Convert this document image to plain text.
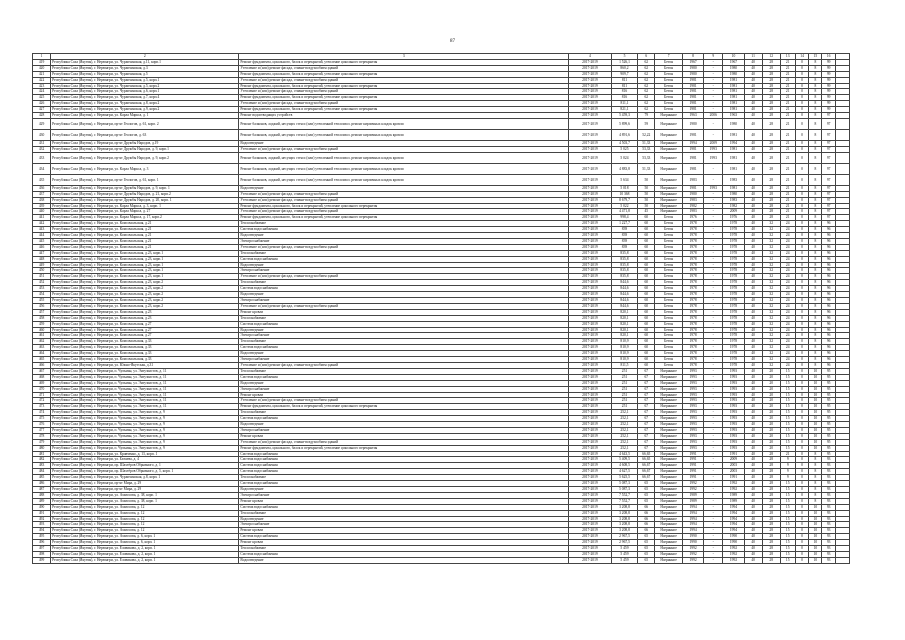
87
1	2	3	4	5	6	7	8	9	10	11	12	13	14	15	16	
419	Республика Саха (Якутия), г. Нерюнгри, ул. Чурапчинская, д.11, корп.1	Ремонт фундамента, цокольного, балок и перекрытий, утепление цокольного перекрытия	2017-2019	1 526,1	62	Бетон	1967	-	1967	40	28	21	0	8	99	
420	Республика Саха (Якутия), г. Нерюнгри, ул. Чурапчинская, д.3	Утепление и (или) ремонт фасада, ставни-воздухообмен зданий	2017-2019	860,2	62	Бетон	1980	-	1980	40	28	21	0	8	99	
421	Республика Саха (Якутия), г. Нерюнгри, ул. Чурапчинская, д.5	Ремонт фундамента, цокольного, балок и перекрытий, утепление цокольного перекрытия	2017-2019	909,7	62	Бетон	1980	-	1980	40	28	21	0	8	99	
422	Республика Саха (Якутия), г. Нерюнгри, ул. Чурапчинская, д.5, корп.1	Утепление и (или) ремонт фасада, ставни-воздухообмен зданий	2017-2019	811	62	Бетон	1981	-	1981	40	28	21	0	8	99	
423	Республика Саха (Якутия), г. Нерюнгри, ул. Чурапчинская, д.5, корп.2	Ремонт фундамента, цокольного, балок и перекрытий, утепление цокольного перекрытия	2017-2019	811	62	Бетон	1981	-	1981	40	28	21	0	8	99	
424	Республика Саха (Якутия), г. Нерюнгри, ул. Чурапчинская, д.6, корп.1	Утепление и (или) ремонт фасада, ставни-воздухообмен зданий	2017-2019	816	62	Бетон	1981	-	1981	40	28	21	0	8	99	
425	Республика Саха (Якутия), г. Нерюнгри, ул. Чурапчинская, д.7, корп.4	Ремонт фундамента, цокольного, балок и перекрытий, утепление цокольного перекрытия	2017-2019	816	62	Бетон	1981	-	1981	40	28	21	0	8	99	
426	Республика Саха (Якутия), г. Нерюнгри, ул. Чурапчинская, д.8, корп.2	Утепление и (или) ремонт фасада, ставни-воздухообмен зданий	2017-2019	811,1	62	Бетон	1981	-	1981	40	28	21	0	8	99	
427	Республика Саха (Якутия), г. Нерюнгри, ул. Чурапчинская, д.9, корп.2	Ремонт фундамента, цокольного, балок и перекрытий, утепление цокольного перекрытия	2017-2019	821,1	62	Бетон	1981	-	1981	40	28	21	0	8	99	
428	Республика Саха (Якутия), г. Нерюнгри, ул. Карла Маркса, д. 1	Ремонт водоотводящих устройств	2017-2019	5 459,3	79	Нагрянное	1963	2006	1963	40	28	21	0	8	97	
429	Республика Саха (Якутия), г. Нерюнгри, пр-кт Геологов, д. 61, корп. 2	Ремонт балконов, лоджий, несущих стен и (или) утепленной теплоизол. ремонт кирпичных кладок кровли	2017-2019	5 899,6	59	Нагрянное	1980	-	1980	40	28	21	0	8	97	
430	Республика Саха (Якутия), г. Нерюнгри, пр-кт Геологов, д. 63	Ремонт балконов, лоджий, несущих стен и (или) утепленной теплоизол. ремонт кирпичных кладок кровли	2017-2019	4 891,6	52,22	Нагрянное	1981	-	1981	40	28	21	0	8	97	
431	Республика Саха (Якутия), г. Нерюнгри, пр-кт Дружбы Народов, д.19	Водоотведение	2017-2019	4 503,7	51,33	Нагрянное	1994	2009	1994	40	28	21	0	8	97	
432	Республика Саха (Якутия), г. Нерюнгри, пр-кт Дружбы Народов, д. 9, корп.1	Утепление и (или) ремонт фасада, ставни-воздухообмен зданий	2017-2019	5 025	53,33	Нагрянное	1981	1993	1981	40	28	21	0	8	97	
433	Республика Саха (Якутия), г. Нерюнгри, пр-кт Дружбы Народов, д. 9, корп.2	Ремонт балконов, лоджий, несущих стен и (или) утепленной теплоизол. ремонт кирпичных кладок кровли	2017-2019	5 024	53,33	Нагрянное	1981	1993	1981	40	28	21	0	8	97	
434	Республика Саха (Якутия), г. Нерюнгри, ул. Карла Маркса, д. 3	Ремонт балконов, лоджий, несущих стен и (или) утепленной теплоизол. ремонт кирпичных кладок кровли	2017-2019	4 883,8	51,33	Нагрянное	1981	-	1981	40	28	21	0	8	97	
435	Республика Саха (Якутия), г. Нерюнгри, пр-кт Геологов, д. 61, корп. 1	Ремонт балконов, лоджий, несущих стен и (или) утепленной теплоизол. ремонт кирпичных кладок кровли	2017-2019	5 634	50	Нагрянное	1983	-	1983	40	28	21	0	8	97	
436	Республика Саха (Якутия), г. Нерюнгри, пр-кт Дружбы Народов, д. 9, корп. 1	Водоотведение	2017-2019	5 018	50	Нагрянное	1981	1993	1981	40	28	21	0	8	97	
437	Республика Саха (Якутия), г. Нерюнгри, пр-кт Дружбы Народов, д. 21, корп.2	Утепление и (или) ремонт фасада, ставни-воздухообмен зданий	2017-2019	10 368	50	Нагрянное	1980	-	1980	40	28	21	0	8	97	
438	Республика Саха (Якутия), г. Нерюнгри, пр-кт Дружбы Народов, д. 20, корп. 1	Утепление и (или) ремонт фасада, ставни-воздухообмен зданий	2017-2019	8 679,7	50	Нагрянное	1983	-	1983	40	28	21	0	8	97	
439	Республика Саха (Якутия), г. Нерюнгри, ул. Карла Маркса, д. 3, корп. 1	Ремонт фундамента, цокольного, балок и перекрытий, утепление цокольного перекрытия	2017-2019	5 022	50	Нагрянное	1982	-	1982	40	28	21	0	8	97	
440	Республика Саха (Якутия), г. Нерюнгри, ул. Карла Маркса, д. 27	Утепление и (или) ремонт фасада, ставни-воздухообмен зданий	2017-2019	4 471,8	45	Нагрянное	1983	-	2009	40	28	21	0	8	97	
441	Республика Саха (Якутия), г. Нерюнгри, ул. Карла Маркса, д. 17, корп.2	Ремонт фундамента, цокольного, балок и перекрытий, утепление цокольного перекрытия	2017-2019	998,4	60	Бетон	1976	-	1976	40	28	21	0	8	97	
442	Республика Саха (Якутия), г. Нерюнгри, ул. Комсомольская, д.21	Теплоснабжение	2017-2019	1 227,7	60	Бетон	1978	-	1978	40	32	24	0	8	96	
443	Республика Саха (Якутия), г. Нерюнгри, ул. Комсомольская, д.21	Система водоснабжения	2017-2019	839	60	Бетон	1978	-	1978	40	32	24	0	8	96	
444	Республика Саха (Якутия), г. Нерюнгри, ул. Комсомольская, д.21	Водоотведение	2017-2019	839	60	Бетон	1978	-	1978	40	32	24	0	8	96	
445	Республика Саха (Якутия), г. Нерюнгри, ул. Комсомольская, д.21	Электроснабжение	2017-2019	839	60	Бетон	1978	-	1978	40	32	24	0	8	96	
446	Республика Саха (Якутия), г. Нерюнгри, ул. Комсомольская, д.21	Утепление и (или) ремонт фасада, ставни-воздухообмен зданий	2017-2019	839	60	Бетон	1978	-	1978	40	32	24	0	8	96	
447	Республика Саха (Якутия), г. Нерюнгри, ул. Комсомольская, д.23, корп.1	Теплоснабжение	2017-2019	835,8	60	Бетон	1978	-	1978	40	32	24	0	8	96	
448	Республика Саха (Якутия), г. Нерюнгри, ул. Комсомольская, д.23, корп.1	Система водоснабжения	2017-2019	835,8	60	Бетон	1978	-	1978	40	32	24	0	8	96	
449	Республика Саха (Якутия), г. Нерюнгри, ул. Комсомольская, д.23, корп.1	Водоотведение	2017-2019	835,8	60	Бетон	1978	-	1978	40	32	24	0	8	96	
450	Республика Саха (Якутия), г. Нерюнгри, ул. Комсомольская, д.23, корп.1	Электроснабжение	2017-2019	835,8	60	Бетон	1978	-	1978	40	32	24	0	8	96	
451	Республика Саха (Якутия), г. Нерюнгри, ул. Комсомольская, д.23, корп.1	Утепление и (или) ремонт фасада, ставни-воздухообмен зданий	2017-2019	835,8	60	Бетон	1978	-	1978	40	32	24	0	8	96	
452	Республика Саха (Якутия), г. Нерюнгри, ул. Комсомольская, д.23, корп.2	Теплоснабжение	2017-2019	844,6	60	Бетон	1978	-	1978	40	32	24	0	8	96	
453	Республика Саха (Якутия), г. Нерюнгри, ул. Комсомольская, д.23, корп.2	Система водоснабжения	2017-2019	844,6	60	Бетон	1978	-	1978	40	32	24	0	8	96	
454	Республика Саха (Якутия), г. Нерюнгри, ул. Комсомольская, д.23, корп.2	Водоотведение	2017-2019	844,6	60	Бетон	1978	-	1978	40	32	24	0	8	96	
455	Республика Саха (Якутия), г. Нерюнгри, ул. Комсомольская, д.23, корп.2	Электроснабжение	2017-2019	844,6	60	Бетон	1978	-	1978	40	32	24	0	8	96	
456	Республика Саха (Якутия), г. Нерюнгри, ул. Комсомольская, д.23, корп.2	Утепление и (или) ремонт фасада, ставни-воздухообмен зданий	2017-2019	844,6	60	Бетон	1978	-	1978	40	32	24	0	8	96	
457	Республика Саха (Якутия), г. Нерюнгри, ул. Комсомольская, д.23	Ремонт кровли	2017-2019	820,1	60	Бетон	1978	-	1978	40	32	24	0	8	96	
458	Республика Саха (Якутия), г. Нерюнгри, ул. Комсомольская, д.23	Теплоснабжение	2017-2019	820,1	60	Бетон	1978	-	1978	40	32	24	0	8	96	
459	Республика Саха (Якутия), г. Нерюнгри, ул. Комсомольская, д.27	Система водоснабжения	2017-2019	820,1	60	Бетон	1978	-	1978	40	32	24	0	8	96	
460	Республика Саха (Якутия), г. Нерюнгри, ул. Комсомольская, д.27	Водоотведение	2017-2019	820,1	60	Бетон	1978	-	1978	40	32	24	0	8	96	
461	Республика Саха (Якутия), г. Нерюнгри, ул. Комсомольская, д.27	Электроснабжение	2017-2019	820,1	60	Бетон	1978	-	1978	40	32	24	0	8	96	
462	Республика Саха (Якутия), г. Нерюнгри, ул. Комсомольская, д.33	Теплоснабжение	2017-2019	810,9	60	Бетон	1978	-	1978	40	32	24	0	8	96	
463	Республика Саха (Якутия), г. Нерюнгри, ул. Комсомольская, д.33	Система водоснабжения	2017-2019	810,9	60	Бетон	1978	-	1978	40	32	24	0	8	96	
464	Республика Саха (Якутия), г. Нерюнгри, ул. Комсомольская, д.33	Водоотведение	2017-2019	810,9	60	Бетон	1978	-	1978	40	32	24	0	8	96	
465	Республика Саха (Якутия), г. Нерюнгри, ул. Комсомольская, д.33	Электроснабжение	2017-2019	810,9	60	Бетон	1978	-	1978	40	32	24	0	8	96	
466	Республика Саха (Якутия), г. Нерюнгри, ул. Южно-Якутская, д.31	Утепление и (или) ремонт фасада, ставни-воздухообмен зданий	2017-2019	811,5	60	Бетон	1978	-	1978	40	32	24	0	8	96	
467	Республика Саха (Якутия), г. Нерюнгри, п. Чульман, ул. Энтузиастов, д. 11	Теплоснабжение	2017-2019	251	67	Нагрянное	1993	-	1993	40	20	15	0	10	95	
468	Республика Саха (Якутия), г. Нерюнгри, п. Чульман, ул. Энтузиастов, д. 11	Система водоснабжения	2017-2019	251	67	Нагрянное	1993	-	1993	40	20	15	0	10	95	
469	Республика Саха (Якутия), г. Нерюнгри, п. Чульман, ул. Энтузиастов, д. 11	Водоотведение	2017-2019	251	67	Нагрянное	1993	-	1993	40	20	15	0	10	95	
470	Республика Саха (Якутия), г. Нерюнгри, п. Чульман, ул. Энтузиастов, д. 11	Электроснабжение	2017-2019	251	67	Нагрянное	1993	-	1993	40	20	15	0	10	95	
471	Республика Саха (Якутия), г. Нерюнгри, п. Чульман, ул. Энтузиастов, д. 11	Ремонт кровли	2017-2019	251	67	Нагрянное	1993	-	1993	40	20	15	0	10	95	
472	Республика Саха (Якутия), г. Нерюнгри, п. Чульман, ул. Энтузиастов, д. 11	Утепление и (или) ремонт фасада, ставни-воздухообмен зданий	2017-2019	251	67	Нагрянное	1993	-	1993	40	20	15	0	10	95	
473	Республика Саха (Якутия), г. Нерюнгри, п. Чульман, ул. Энтузиастов, д. 11	Ремонт фундамента, цокольного, балок и перекрытий, утепление цокольного перекрытия	2017-2019	251	67	Нагрянное	1993	-	1993	40	20	15	0	10	95	
474	Республика Саха (Якутия), г. Нерюнгри, п. Чульман, ул. Энтузиастов, д. 9	Теплоснабжение	2017-2019	252,1	67	Нагрянное	1993	-	1993	40	20	15	0	10	95	
475	Республика Саха (Якутия), г. Нерюнгри, п. Чульман, ул. Энтузиастов, д. 9	Система водоснабжения	2017-2019	252,1	67	Нагрянное	1993	-	1993	40	20	15	0	10	95	
476	Республика Саха (Якутия), г. Нерюнгри, п. Чульман, ул. Энтузиастов, д. 9	Водоотведение	2017-2019	252,1	67	Нагрянное	1993	-	1993	40	20	15	0	10	95	
477	Республика Саха (Якутия), г. Нерюнгри, п. Чульман, ул. Энтузиастов, д. 9	Электроснабжение	2017-2019	252,1	67	Нагрянное	1993	-	1993	40	20	15	0	10	95	
478	Республика Саха (Якутия), г. Нерюнгри, п. Чульман, ул. Энтузиастов, д. 9	Ремонт кровли	2017-2019	252,1	67	Нагрянное	1993	-	1993	40	20	15	0	10	95	
479	Республика Саха (Якутия), г. Нерюнгри, п. Чульман, ул. Энтузиастов, д. 9	Утепление и (или) ремонт фасада, ставни-воздухообмен зданий	2017-2019	252,1	67	Нагрянное	1993	-	1993	40	20	15	0	10	95	
480	Республика Саха (Якутия), г. Нерюнгри, п. Чульман, ул. Энтузиастов, д. 9	Ремонт фундамента, цокольного, балок и перекрытий, утепление цокольного перекрытия	2017-2019	252,1	67	Нагрянное	1993	-	1993	40	20	15	0	10	95	
481	Республика Саха (Якутия), г. Нерюнгри, ул. Кравченко, д. 13, корп. 1	Система водоснабжения	2017-2019	4 643,5	66,65	Нагрянное	1991	-	1991	40	28	21	0	8	95	
482	Республика Саха (Якутия), г. Нерюнгри, ул. Беляева, д. 4	Система водоснабжения	2017-2019	5 409,5	66,65	Нагрянное	1991	-	2009	40	28	9	0	8	93	
483	Республика Саха (Якутия), г. Нерюнгри, пр. Шахтёров Обрывного, д. 1	Система водоснабжения	2017-2019	4 608,5	66,67	Нагрянное	1991	-	2003	40	28	9	0	8	93	
484	Республика Саха (Якутия), г. Нерюнгри, пр. Шахтёров Обрывного, д. 5, корп. 1	Система водоснабжения	2017-2019	4 627,5	66,67	Нагрянное	1991	-	2003	40	28	9	0	8	93	
485	Республика Саха (Якутия), г. Нерюнгри, ул. Чурапчинская, д.8, корп. 1	Теплоснабжение	2017-2019	5 625,5	66,67	Нагрянное	1991	-	1991	40	28	9	0	8	93	
486	Республика Саха (Якутия), г. Нерюнгри, пр-кт Мира, д. 29	Система водоснабжения	2017-2019	5 087,3	65	Нагрянное	1992	-	1992	40	28	15	0	8	93	
487	Республика Саха (Якутия), г. Нерюнгри, пр-кт Мира, д. 29	Водоотведение	2017-2019	5 087,3	65	Нагрянное	1992	-	1992	40	28	15	0	8	93	
488	Республика Саха (Якутия), г. Нерюнгри, ул. Аммосова, д. 38, корп. 1	Электроснабжение	2017-2019	7 552,7	65	Нагрянное	1989	-	1989	40	28	15	0	8	93	
489	Республика Саха (Якутия), г. Нерюнгри, ул. Аммосова, д. 38, корп. 1	Ремонт кровли	2017-2019	7 552,7	65	Нагрянное	1989	-	1989	40	28	15	0	8	93	
490	Республика Саха (Якутия), г. Нерюнгри, ул. Аммосова, д. 12	Система водоснабжения	2017-2019	3 208,8	66	Нагрянное	1994	-	1994	40	28	15	0	10	93	
491	Республика Саха (Якутия), г. Нерюнгри, ул. Аммосова, д. 12	Теплоснабжение	2017-2019	3 208,8	66	Нагрянное	1994	-	1994	40	28	15	0	10	93	
492	Республика Саха (Якутия), г. Нерюнгри, ул. Аммосова, д. 12	Водоотведение	2017-2019	3 208,8	66	Нагрянное	1994	-	1994	40	28	15	0	10	93	
493	Республика Саха (Якутия), г. Нерюнгри, ул. Аммосова, д. 12	Электроснабжение	2017-2019	3 208,8	66	Нагрянное	1994	-	1994	40	28	15	0	10	93	
494	Республика Саха (Якутия), г. Нерюнгри, ул. Аммосова, д. 12	Ремонт кровли	2017-2019	3 208,8	66	Нагрянное	1994	-	1994	40	28	15	0	10	93	
495	Республика Саха (Якутия), г. Нерюнгри, ул. Аммосова, д. 6, корп. 1	Система водоснабжения	2017-2019	2 967,5	65	Нагрянное	1990	-	1990	40	28	15	0	10	93	
496	Республика Саха (Якутия), г. Нерюнгри, ул. Аммосова, д. 6, корп. 1	Ремонт кровли	2017-2019	2 967,5	65	Нагрянное	1990	-	1990	40	28	15	0	10	93	
497	Республика Саха (Якутия), г. Нерюнгри, ул. Еловикова, д. 2, корп. 1	Теплоснабжение	2017-2019	5 459	65	Нагрянное	1992	-	1992	40	28	15	0	10	93	
498	Республика Саха (Якутия), г. Нерюнгри, ул. Еловикова, д. 2, корп. 1	Система водоснабжения	2017-2019	5 459	65	Нагрянное	1992	-	1992	40	28	15	0	10	93	
499	Республика Саха (Якутия), г. Нерюнгри, ул. Еловикова, д. 2, корп. 1	Водоотведение	2017-2019	5 459	65	Нагрянное	1992	-	1992	40	28	15	0	10	93	
